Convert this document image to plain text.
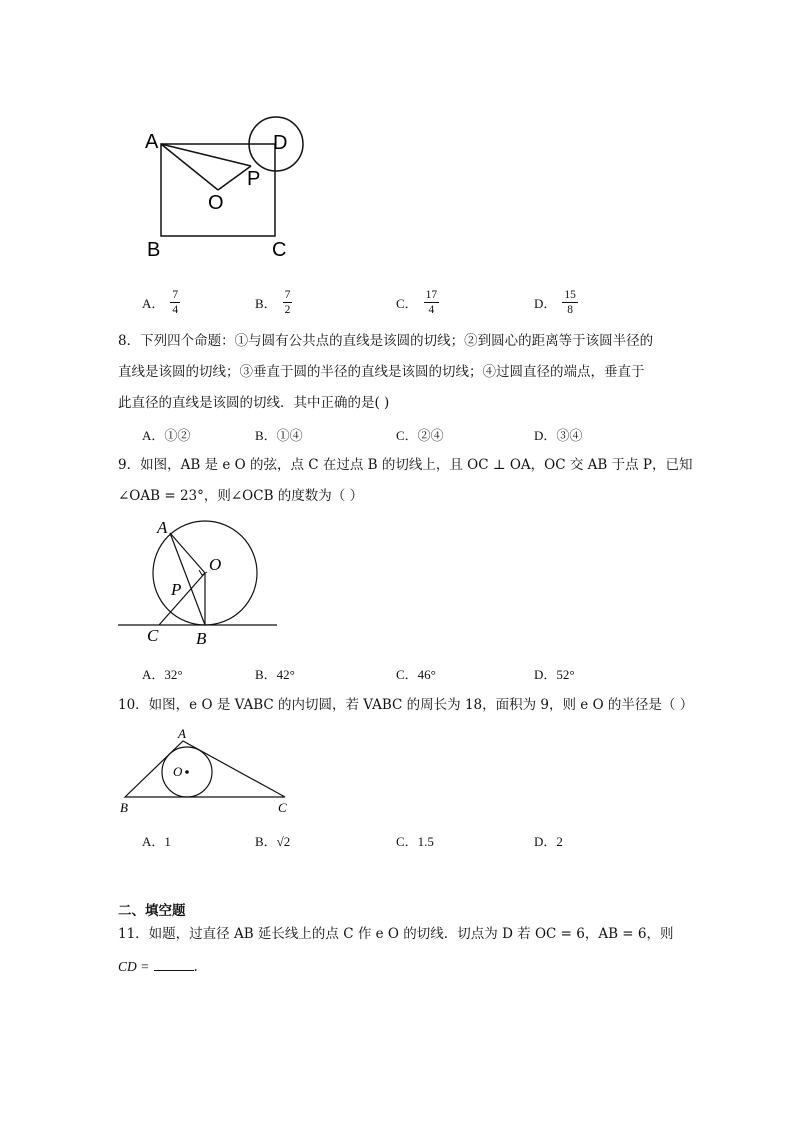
A	D
P
O
B	C
A． $\frac{7}{4}$	B． $\frac{7}{2}$	C． $\frac{17}{4}$	D． $\frac{15}{8}$
8．下列四个命题：①与圆有公共点的直线是该圆的切线；②到圆心的距离等于该圆半径的
直线是该圆的切线；③垂直于圆的半径的直线是该圆的切线；④过圆直径的端点，垂直于
此直径的直线是该圆的切线．其中正确的是( )
A．①②	B．①④	C．②④	D．③④
9．如图，AB 是 e O 的弦，点 C 在过点 B 的切线上，且 OC ⊥ OA，OC 交 AB 于点 P，已知
∠OAB = 23°，则∠OCB 的度数为（ ）
A
O
P
C B
A．32°	B．42°	C．46°	D．52°
10．如图，e O 是 VABC 的内切圆，若 VABC 的周长为 18，面积为 9，则 e O 的半径是（ ）
A
O
B	C
A．1	B．√2	C．1.5	D．2
二、填空题
11．如题，过直径 AB 延长线上的点 C 作 e O 的切线．切点为 D 若 OC = 6，AB = 6，则
CD =	.
